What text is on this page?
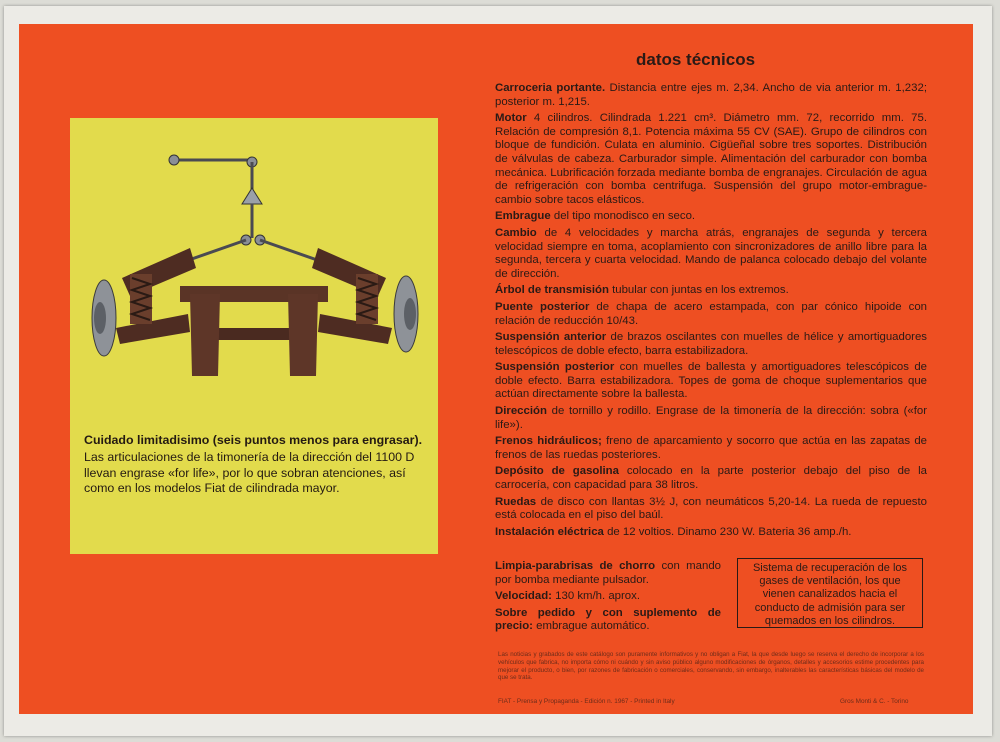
Cuidado limitadisimo (seis puntos menos para engrasar).
Las articulaciones de la timonería de la dirección del 1100 D llevan engrase «for life», por lo que sobran atenciones, así como en los modelos Fiat de cilindrada mayor.
datos técnicos

Carroceria portante. Distancia entre ejes m. 2,34. Ancho de via anterior m. 1,232; posterior m. 1,215.

Motor 4 cilindros. Cilindrada 1.221 cm³. Diámetro mm. 72, recorrido mm. 75. Relación de compresión 8,1. Potencia máxima 55 CV (SAE). Grupo de cilindros con bloque de fundición. Culata en aluminio. Cigüeñal sobre tres soportes. Distribución de válvulas de cabeza. Carburador simple. Alimentación del carburador con bomba mecánica. Lubrificación forzada mediante bomba de engranajes. Circulación de agua de refrigeración con bomba centrifuga. Suspensión del grupo motor-embrague-cambio sobre tacos elásticos.

Embrague del tipo monodisco en seco.

Cambio de 4 velocidades y marcha atrás, engranajes de segunda y tercera velocidad siempre en toma, acoplamiento con sincronizadores de anillo libre para la segunda, tercera y cuarta velocidad. Mando de palanca colocado debajo del volante de dirección.

Árbol de transmisión tubular con juntas en los extremos.

Puente posterior de chapa de acero estampada, con par cónico hipoide con relación de reducción 10/43.

Suspensión anterior de brazos oscilantes con muelles de hélice y amortiguadores telescópicos de doble efecto, barra estabilizadora.

Suspensión posterior con muelles de ballesta y amortiguadores telescópicos de doble efecto. Barra estabilizadora. Topes de goma de choque suplementarios que actúan directamente sobre la ballesta.

Dirección de tornillo y rodillo. Engrase de la timonería de la dirección: sobra («for life»).

Frenos hidráulicos; freno de aparcamiento y socorro que actúa en las zapatas de frenos de las ruedas posteriores.

Depósito de gasolina colocado en la parte posterior debajo del piso de la carrocería, con capacidad para 38 litros.

Ruedas de disco con llantas 3½ J, con neumáticos 5,20-14. La rueda de repuesto está colocada en el piso del baúl.

Instalación eléctrica de 12 voltios. Dinamo 230 W. Bateria 36 amp./h.

Limpia-parabrisas de chorro con mando por bomba mediante pulsador.

Velocidad: 130 km/h. aprox.

Sobre pedido y con suplemento de precio: embrague automático.

Sistema de recuperación de los gases de ventilación, los que vienen canalizados hacia el conducto de admisión para ser quemados en los cilindros.
Las noticias y grabados de este catálogo son puramente informativos y no obligan a Fiat, la que desde luego se reserva el derecho de incorporar a los vehículos que fabrica, no importa cómo ni cuándo y sin aviso público alguno modificaciones de órganos, detalles y accesorios estime procedentes para mejorar el producto, o bien, por razones de fabricación o comerciales, conservando, sin embargo, inalterables las características básicas del modelo de que se trata.
FIAT - Prensa y Propaganda - Edición n. 1967 - Printed in Italy	Gros Monti & C. - Torino
